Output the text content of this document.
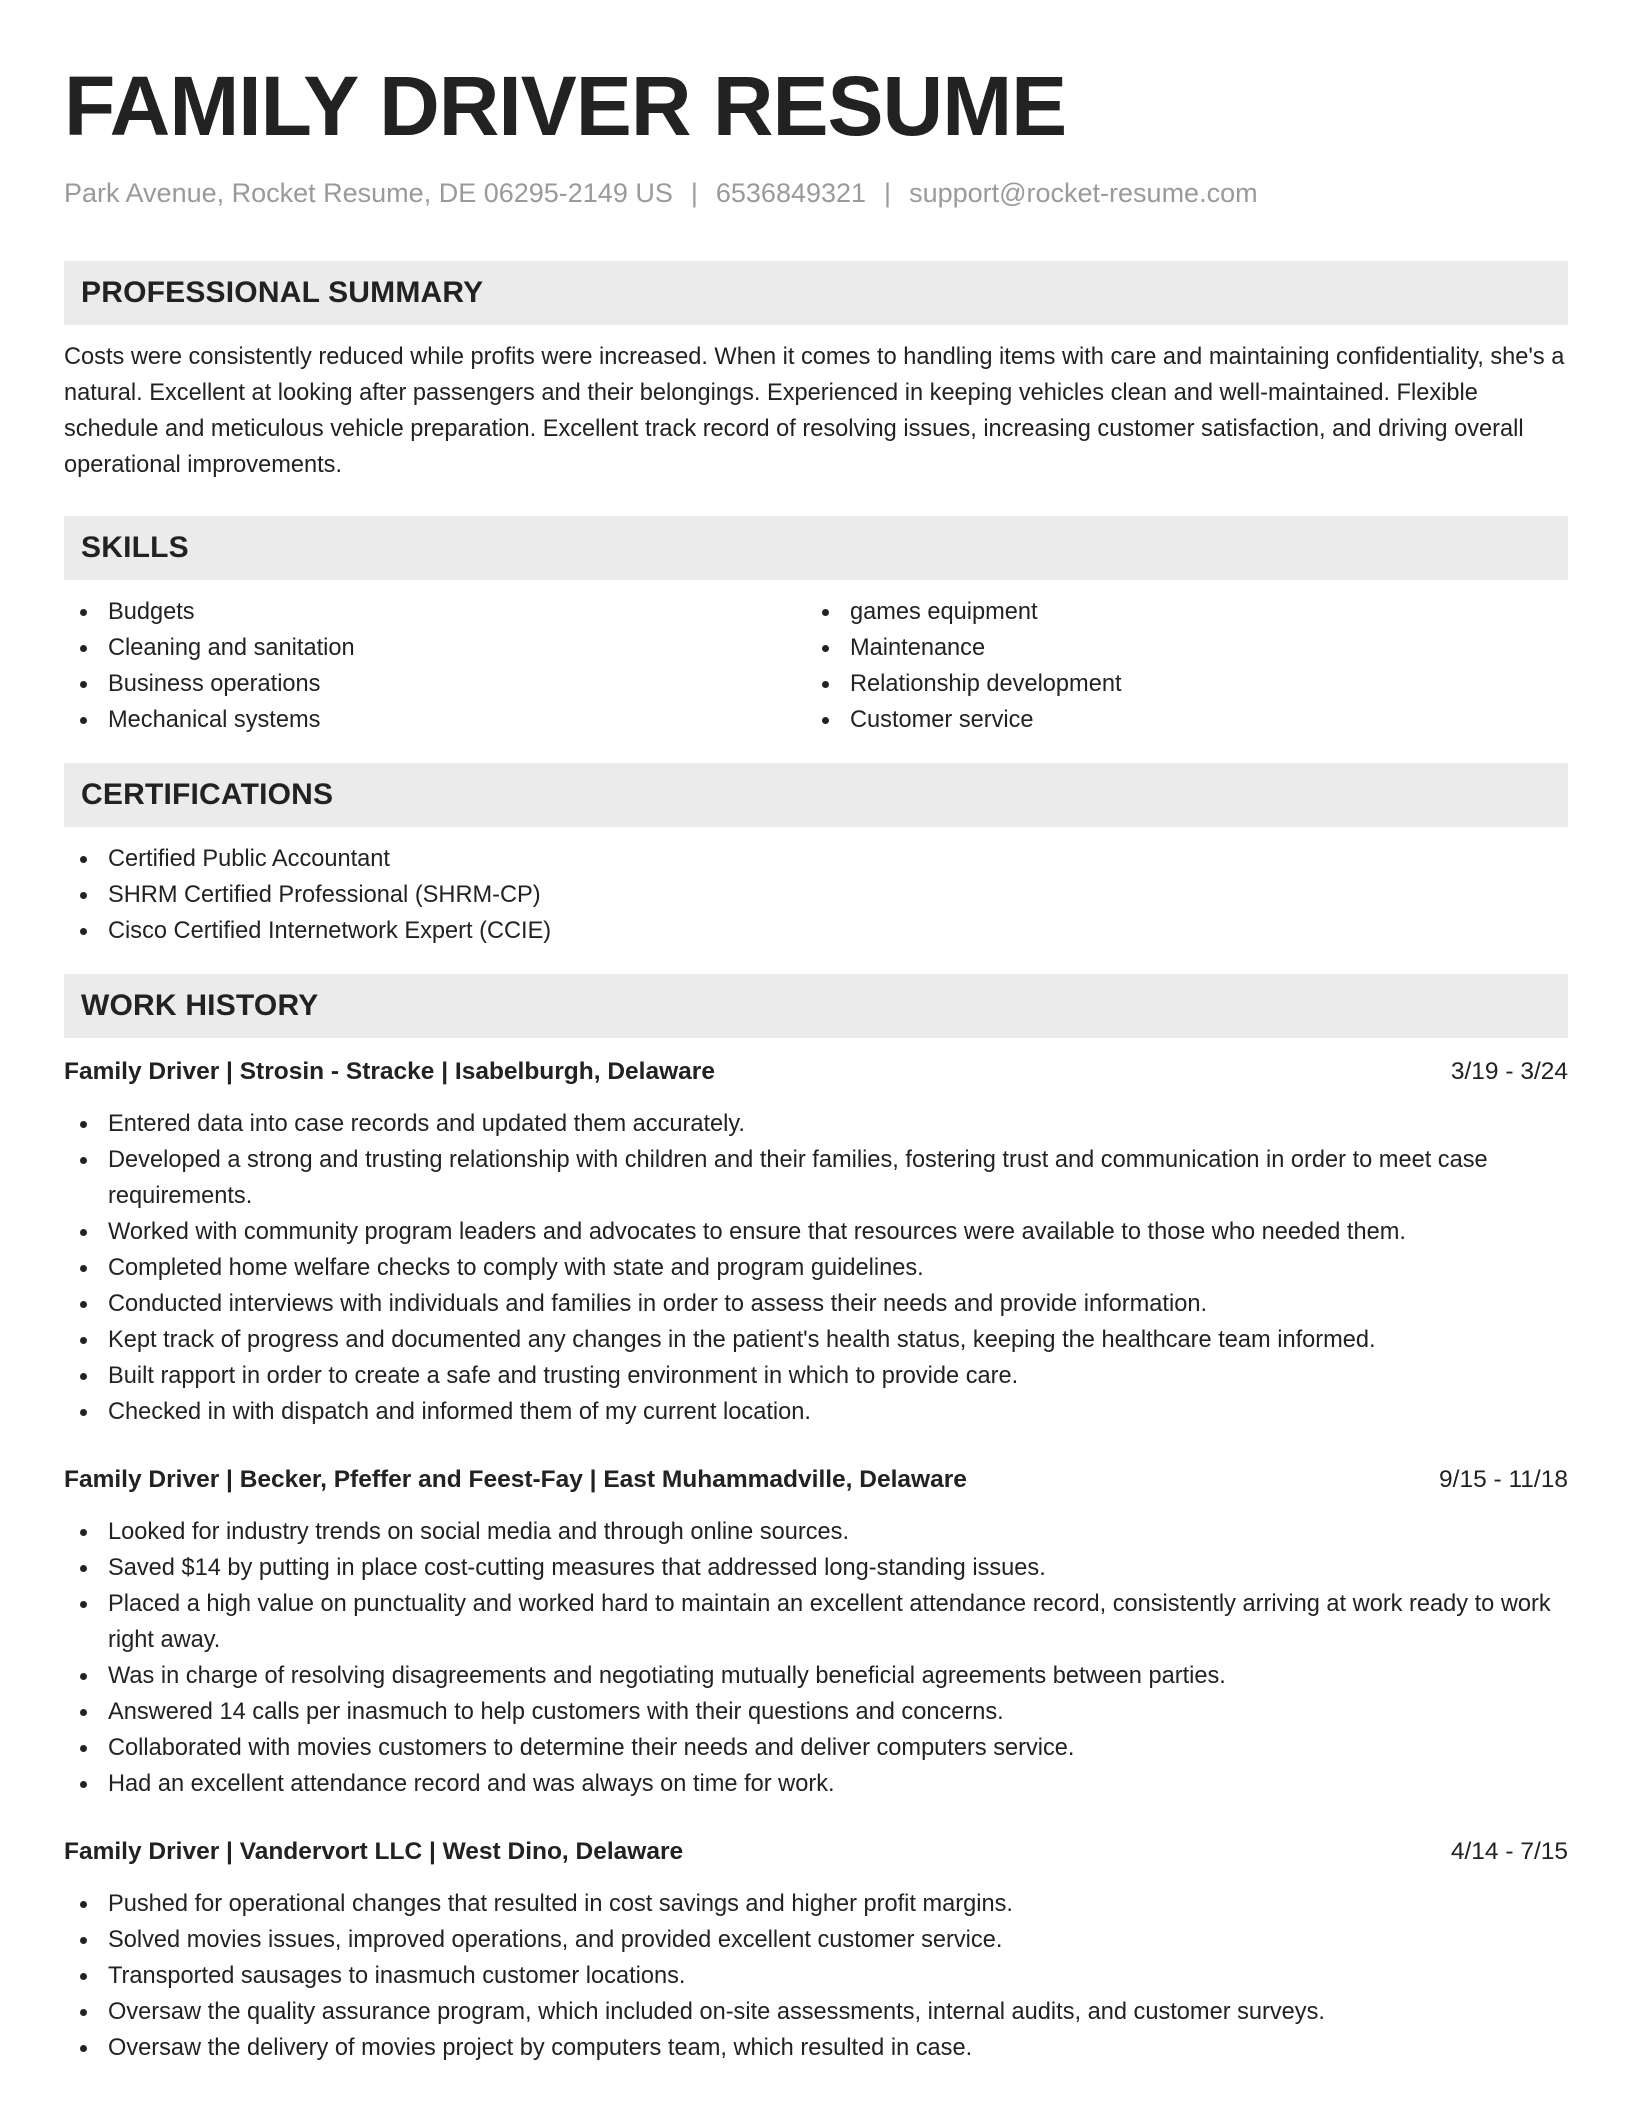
FAMILY DRIVER RESUME
Park Avenue, Rocket Resume, DE 06295-2149 US | 6536849321 | support@rocket-resume.com
PROFESSIONAL SUMMARY

Costs were consistently reduced while profits were increased. When it comes to handling items with care and maintaining confidentiality, she's a natural. Excellent at looking after passengers and their belongings. Experienced in keeping vehicles clean and well-maintained. Flexible schedule and meticulous vehicle preparation. Excellent track record of resolving issues, increasing customer satisfaction, and driving overall operational improvements.

SKILLS
Budgets
Cleaning and sanitation
Business operations
Mechanical systems
games equipment
Maintenance
Relationship development
Customer service
CERTIFICATIONS
Certified Public Accountant
SHRM Certified Professional (SHRM-CP)
Cisco Certified Internetwork Expert (CCIE)
WORK HISTORY
Family Driver | Strosin - Stracke | Isabelburgh, Delaware	3/19 - 3/24
Entered data into case records and updated them accurately.
Developed a strong and trusting relationship with children and their families, fostering trust and communication in order to meet case requirements.
Worked with community program leaders and advocates to ensure that resources were available to those who needed them.
Completed home welfare checks to comply with state and program guidelines.
Conducted interviews with individuals and families in order to assess their needs and provide information.
Kept track of progress and documented any changes in the patient's health status, keeping the healthcare team informed.
Built rapport in order to create a safe and trusting environment in which to provide care.
Checked in with dispatch and informed them of my current location.
Family Driver | Becker, Pfeffer and Feest-Fay | East Muhammadville, Delaware	9/15 - 11/18
Looked for industry trends on social media and through online sources.
Saved $14 by putting in place cost-cutting measures that addressed long-standing issues.
Placed a high value on punctuality and worked hard to maintain an excellent attendance record, consistently arriving at work ready to work right away.
Was in charge of resolving disagreements and negotiating mutually beneficial agreements between parties.
Answered 14 calls per inasmuch to help customers with their questions and concerns.
Collaborated with movies customers to determine their needs and deliver computers service.
Had an excellent attendance record and was always on time for work.
Family Driver | Vandervort LLC | West Dino, Delaware	4/14 - 7/15
Pushed for operational changes that resulted in cost savings and higher profit margins.
Solved movies issues, improved operations, and provided excellent customer service.
Transported sausages to inasmuch customer locations.
Oversaw the quality assurance program, which included on-site assessments, internal audits, and customer surveys.
Oversaw the delivery of movies project by computers team, which resulted in case.
